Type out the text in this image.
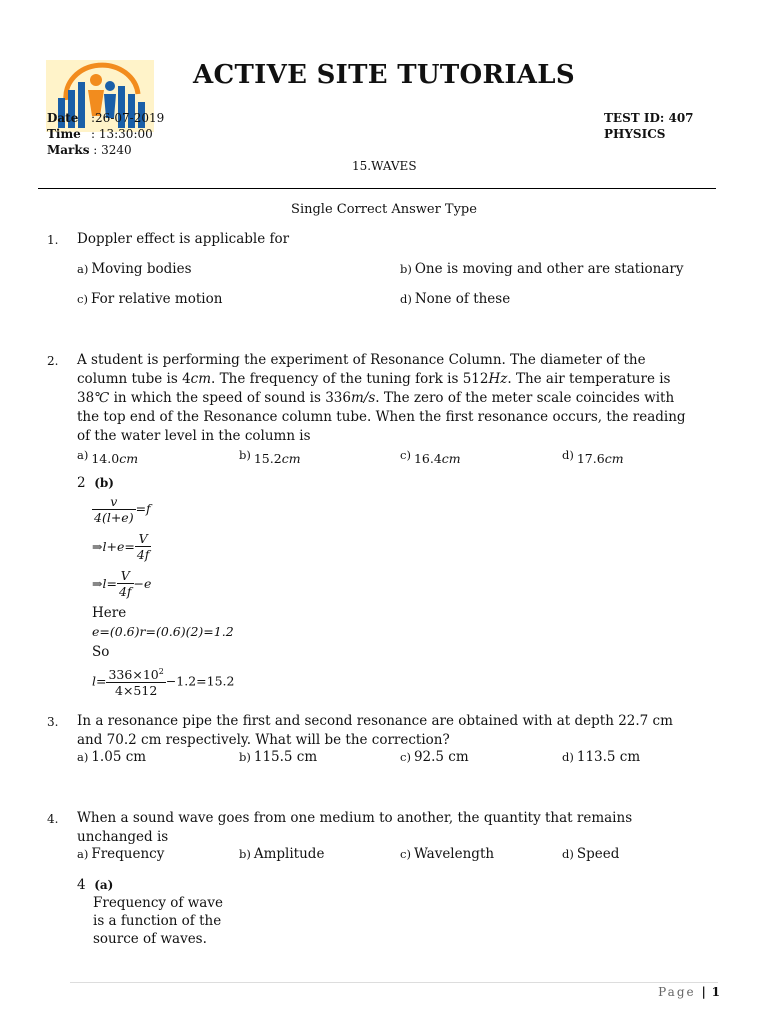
ACTIVE SITE TUTORIALS
Date :26-07-2019
Time : 13:30:00
Marks : 3240
TEST ID: 407
PHYSICS
15.WAVES
Single Correct Answer Type
1. Doppler effect is applicable for
a) Moving bodies	b) One is moving and other are stationary
c) For relative motion	d) None of these
2. A student is performing the experiment of Resonance Column. The diameter of the
column tube is 4cm. The frequency of the tuning fork is 512Hz. The air temperature is
38℃ in which the speed of sound is 336m/s. The zero of the meter scale coincides with
the top end of the Resonance column tube. When the first resonance occurs, the reading
of the water level in the column is
a) 14.0cm	b) 15.2cm	c) 16.4cm	d) 17.6cm
2 (b)
$\frac{v}{4(l+e)} =f$
⇒l+e= $\frac{V}{4f}$
⇒l= $\frac{V}{4f} -e$
Here
e=(0.6)r=(0.6)(2)=1.2
So
$l= \frac{336\times 10^2}{4\times 512} -1.2=15.2$
3. In a resonance pipe the first and second resonance are obtained with at depth 22.7 cm
and 70.2 cm respectively. What will be the correction?
a) 1.05 cm	b) 115.5 cm	c) 92.5 cm	d) 113.5 cm
4. When a sound wave goes from one medium to another, the quantity that remains
unchanged is
a) Frequency	b) Amplitude	c) Wavelength	d) Speed
4 (a)
Frequency of wave
is a function of the
source of waves.
Page | 1
